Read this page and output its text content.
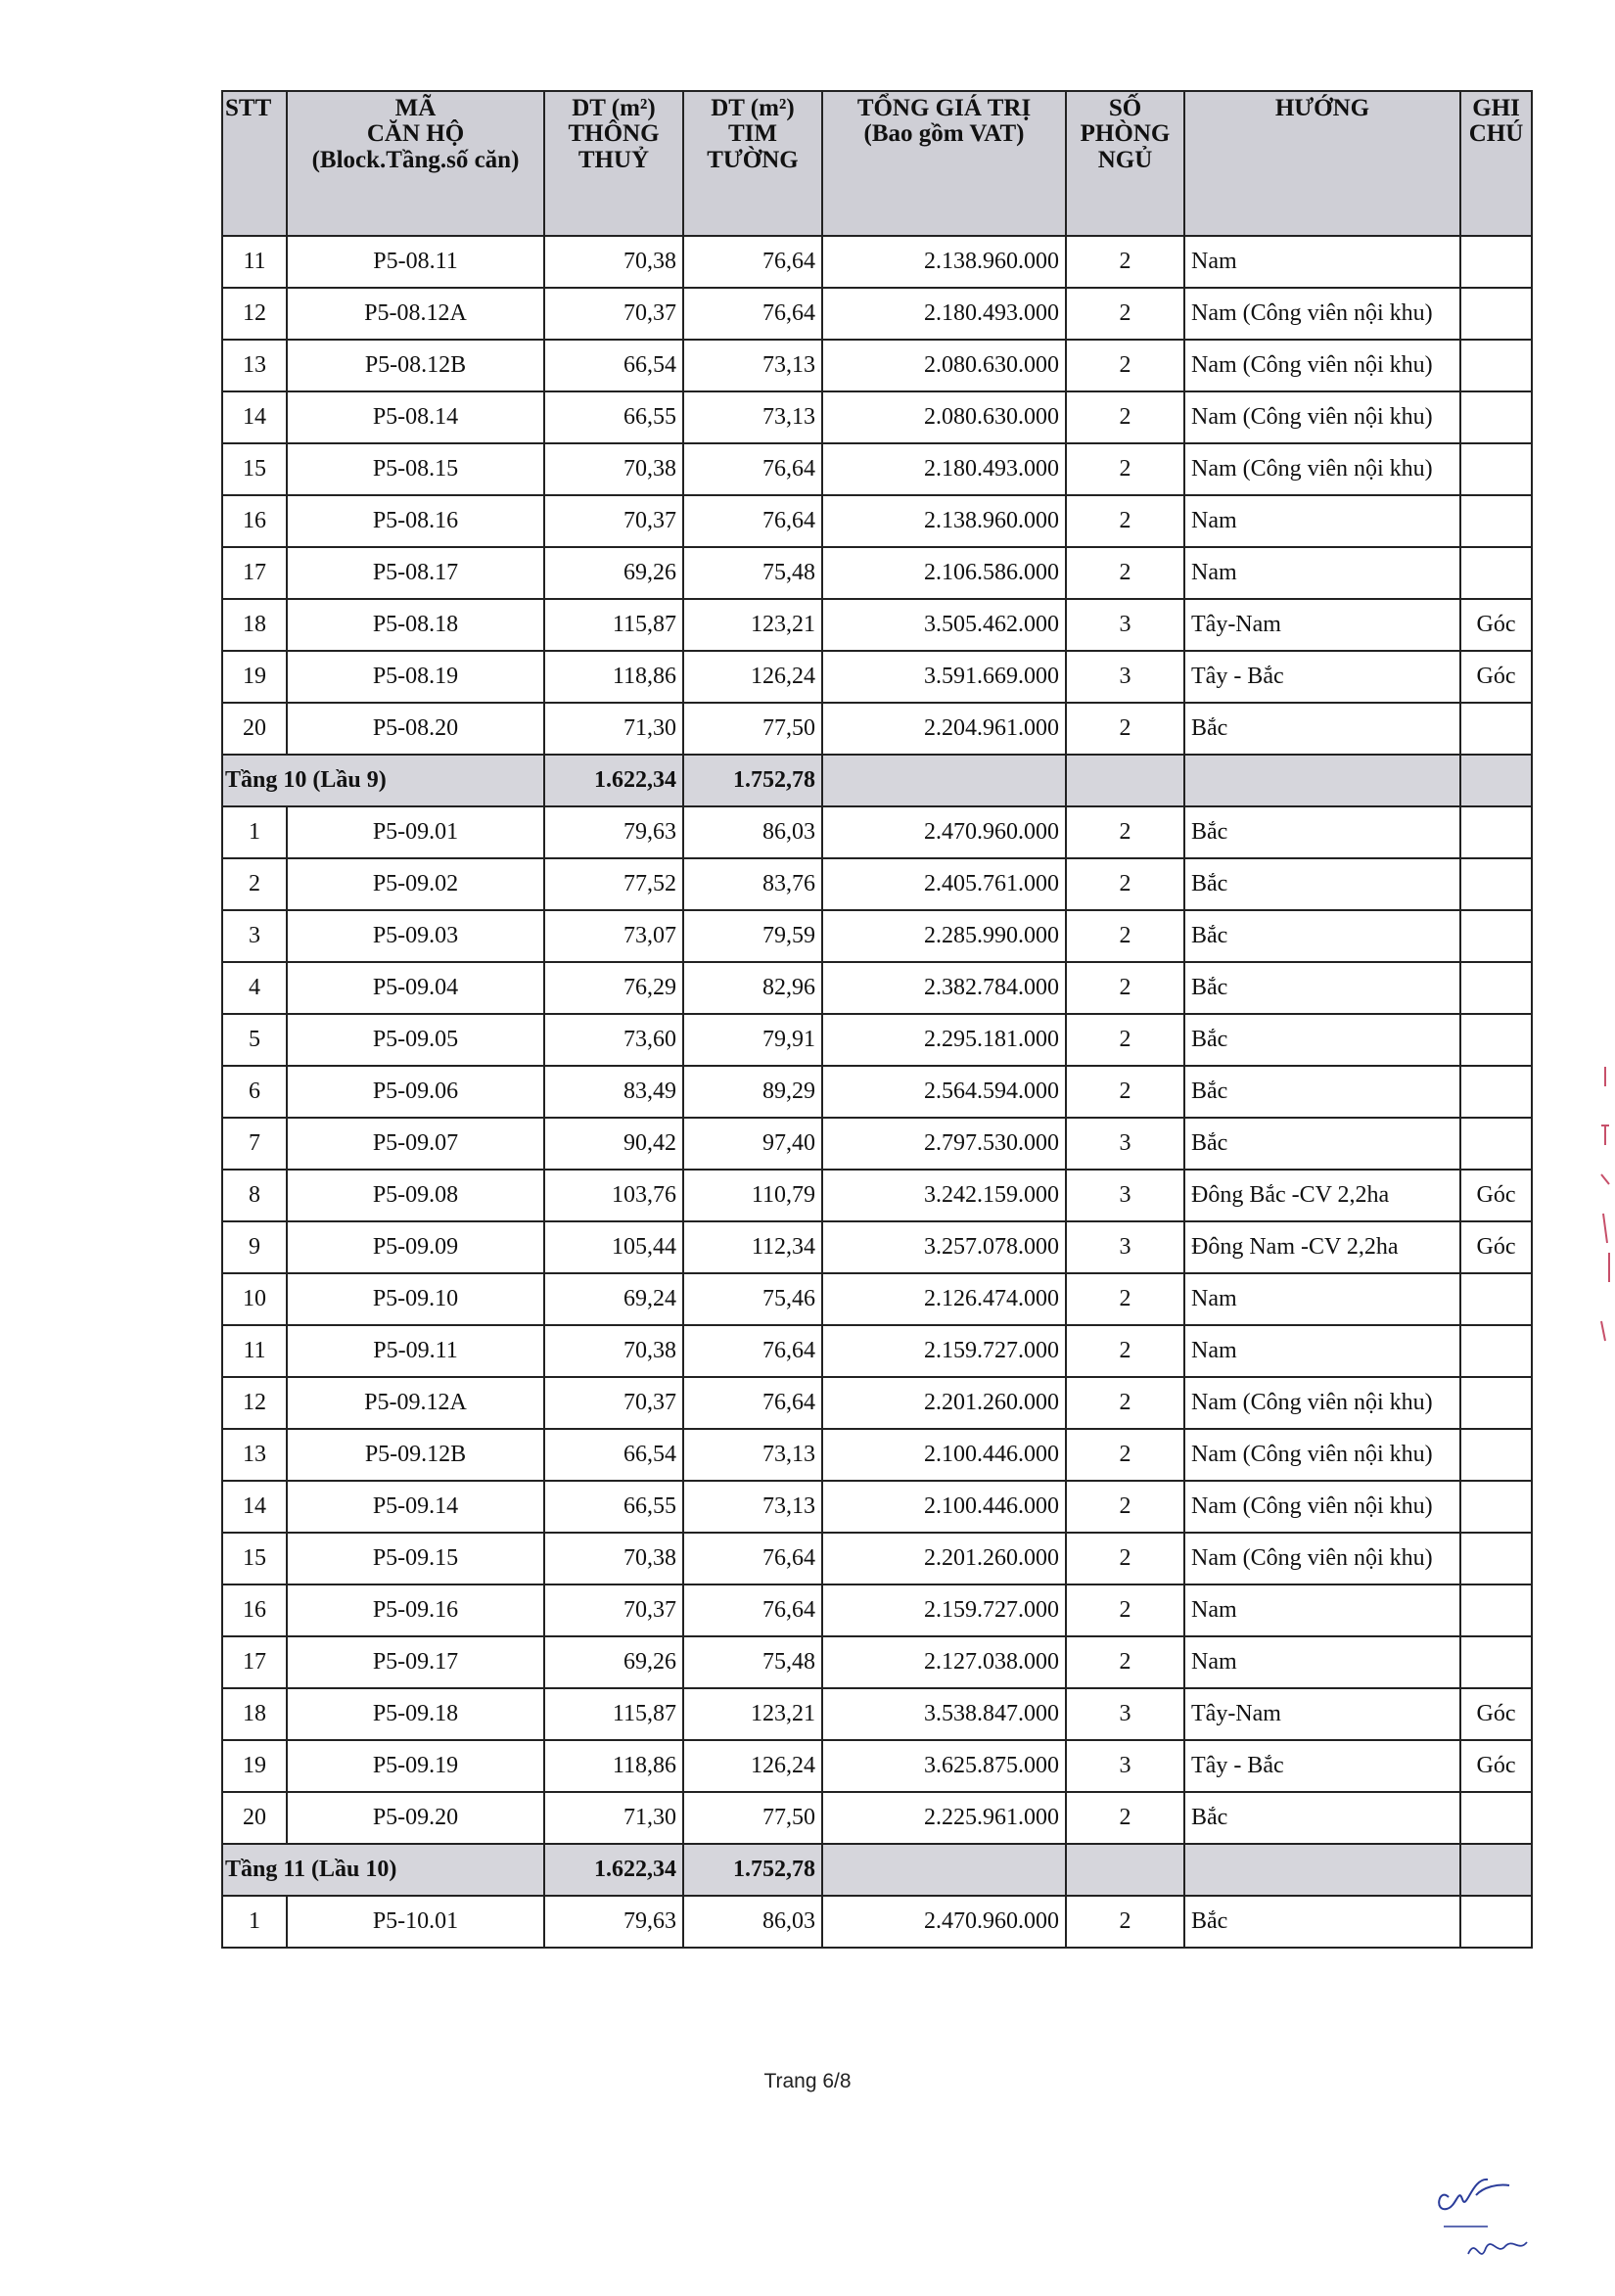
STT	MÃ
CĂN HỘ
(Block.Tầng.số căn)	DT (m²)
THÔNG
THUỶ	DT (m²)
TIM
TƯỜNG	TỔNG GIÁ TRỊ
(Bao gồm VAT)	SỐ
PHÒNG
NGỦ	HƯỚNG	GHI
CHÚ

11	P5-08.11	70,38	76,64	2.138.960.000	2	Nam	
12	P5-08.12A	70,37	76,64	2.180.493.000	2	Nam (Công viên nội khu)	
13	P5-08.12B	66,54	73,13	2.080.630.000	2	Nam (Công viên nội khu)	
14	P5-08.14	66,55	73,13	2.080.630.000	2	Nam (Công viên nội khu)	
15	P5-08.15	70,38	76,64	2.180.493.000	2	Nam (Công viên nội khu)	
16	P5-08.16	70,37	76,64	2.138.960.000	2	Nam	
17	P5-08.17	69,26	75,48	2.106.586.000	2	Nam	
18	P5-08.18	115,87	123,21	3.505.462.000	3	Tây-Nam	Góc
19	P5-08.19	118,86	126,24	3.591.669.000	3	Tây - Bắc	Góc
20	P5-08.20	71,30	77,50	2.204.961.000	2	Bắc	
Tầng 10 (Lầu 9)		1.622,34	1.752,78				
1	P5-09.01	79,63	86,03	2.470.960.000	2	Bắc	
2	P5-09.02	77,52	83,76	2.405.761.000	2	Bắc	
3	P5-09.03	73,07	79,59	2.285.990.000	2	Bắc	
4	P5-09.04	76,29	82,96	2.382.784.000	2	Bắc	
5	P5-09.05	73,60	79,91	2.295.181.000	2	Bắc	
6	P5-09.06	83,49	89,29	2.564.594.000	2	Bắc	
7	P5-09.07	90,42	97,40	2.797.530.000	3	Bắc	
8	P5-09.08	103,76	110,79	3.242.159.000	3	Đông Bắc -CV 2,2ha	Góc
9	P5-09.09	105,44	112,34	3.257.078.000	3	Đông Nam -CV 2,2ha	Góc
10	P5-09.10	69,24	75,46	2.126.474.000	2	Nam	
11	P5-09.11	70,38	76,64	2.159.727.000	2	Nam	
12	P5-09.12A	70,37	76,64	2.201.260.000	2	Nam (Công viên nội khu)	
13	P5-09.12B	66,54	73,13	2.100.446.000	2	Nam (Công viên nội khu)	
14	P5-09.14	66,55	73,13	2.100.446.000	2	Nam (Công viên nội khu)	
15	P5-09.15	70,38	76,64	2.201.260.000	2	Nam (Công viên nội khu)	
16	P5-09.16	70,37	76,64	2.159.727.000	2	Nam	
17	P5-09.17	69,26	75,48	2.127.038.000	2	Nam	
18	P5-09.18	115,87	123,21	3.538.847.000	3	Tây-Nam	Góc
19	P5-09.19	118,86	126,24	3.625.875.000	3	Tây - Bắc	Góc
20	P5-09.20	71,30	77,50	2.225.961.000	2	Bắc	
Tầng 11 (Lầu 10)		1.622,34	1.752,78				
1	P5-10.01	79,63	86,03	2.470.960.000	2	Bắc	
Trang 6/8
